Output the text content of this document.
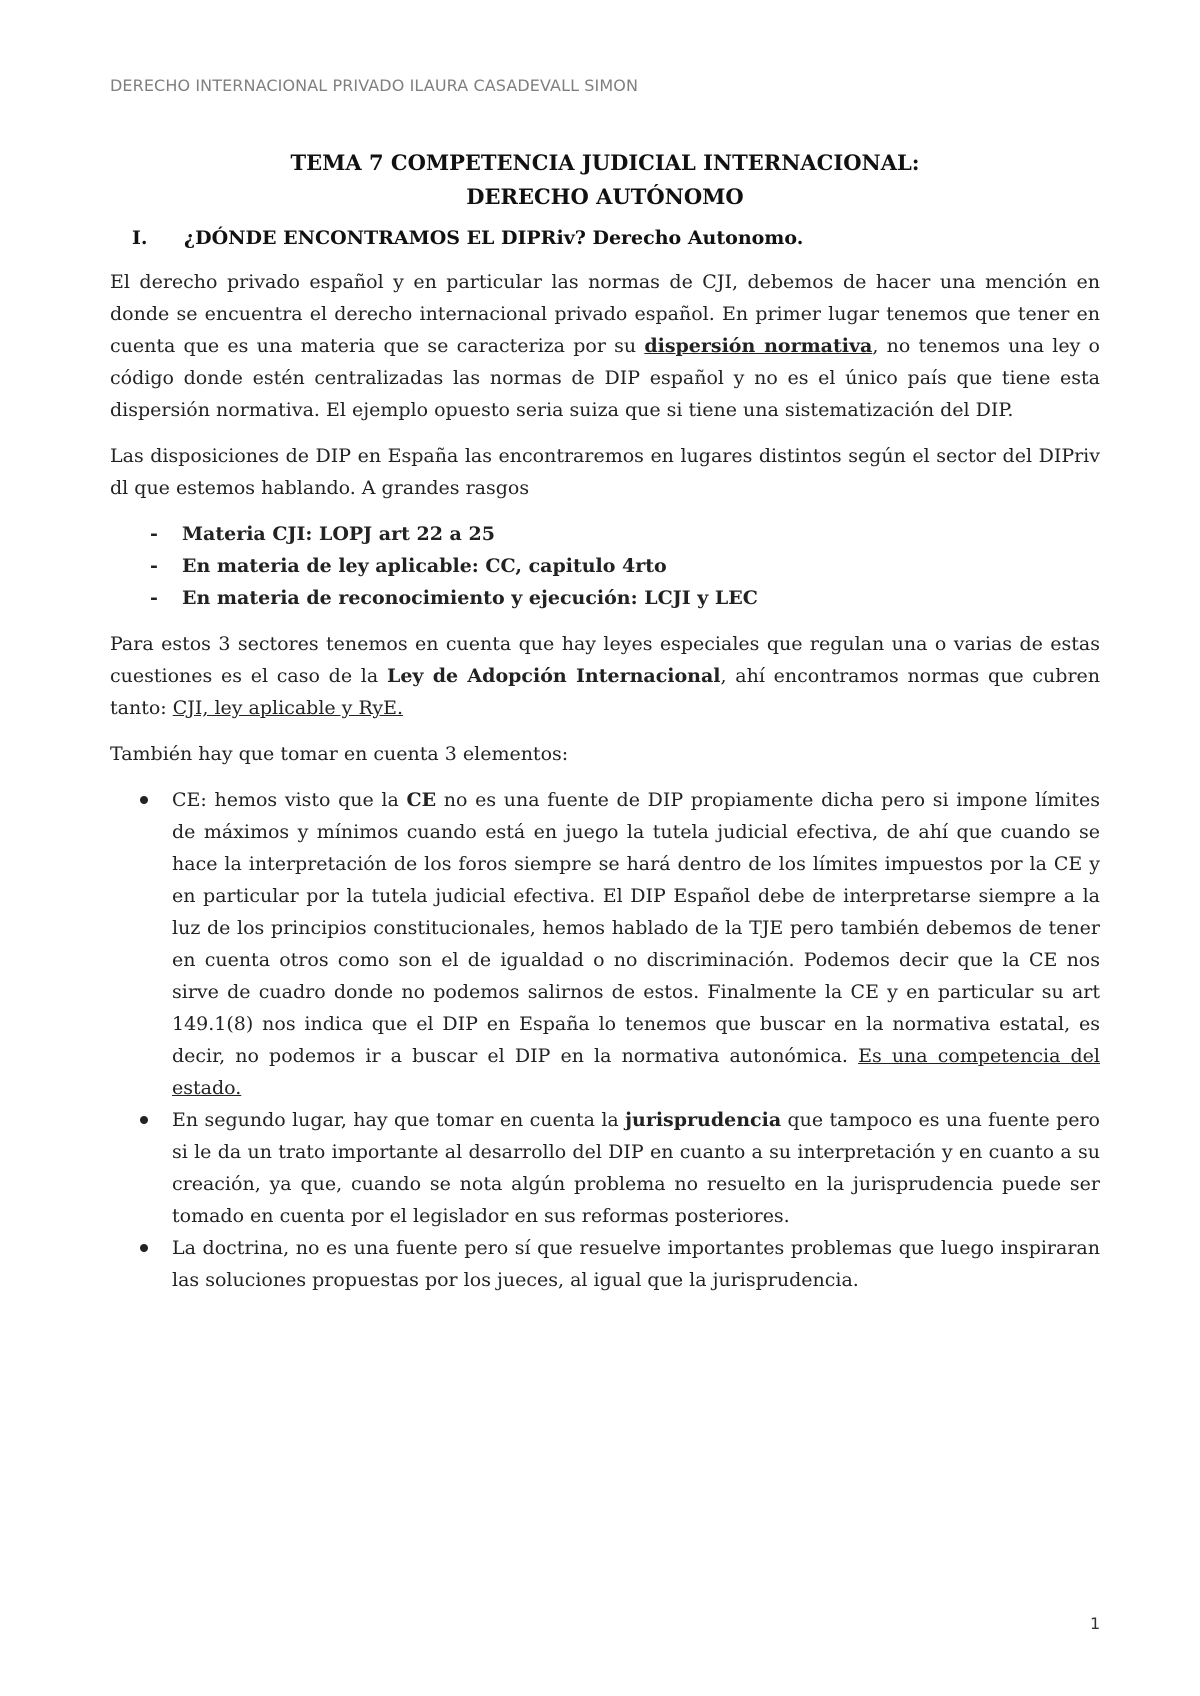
DERECHO INTERNACIONAL PRIVADO ILAURA CASADEVALL SIMON
TEMA 7 COMPETENCIA JUDICIAL INTERNACIONAL:
DERECHO AUTÓNOMO
I.	¿DÓNDE ENCONTRAMOS EL DIPRiv? Derecho Autonomo.

El derecho privado español y en particular las normas de CJI, debemos de hacer una mención en donde se encuentra el derecho internacional privado español. En primer lugar tenemos que tener en cuenta que es una materia que se caracteriza por su dispersión normativa, no tenemos una ley o código donde estén centralizadas las normas de DIP español y no es el único país que tiene esta dispersión normativa. El ejemplo opuesto seria suiza que si tiene una sistematización del DIP.

Las disposiciones de DIP en España las encontraremos en lugares distintos según el sector del DIPriv dl que estemos hablando. A grandes rasgos

-	Materia CJI: LOPJ art 22 a 25
-	En materia de ley aplicable: CC, capitulo 4rto
-	En materia de reconocimiento y ejecución: LCJI y LEC

Para estos 3 sectores tenemos en cuenta que hay leyes especiales que regulan una o varias de estas cuestiones es el caso de la Ley de Adopción Internacional, ahí encontramos normas que cubren tanto: CJI, ley aplicable y RyE.

También hay que tomar en cuenta 3 elementos:

CE: hemos visto que la CE no es una fuente de DIP propiamente dicha pero si impone límites de máximos y mínimos cuando está en juego la tutela judicial efectiva, de ahí que cuando se hace la interpretación de los foros siempre se hará dentro de los límites impuestos por la CE y en particular por la tutela judicial efectiva. El DIP Español debe de interpretarse siempre a la luz de los principios constitucionales, hemos hablado de la TJE pero también debemos de tener en cuenta otros como son el de igualdad o no discriminación. Podemos decir que la CE nos sirve de cuadro donde no podemos salirnos de estos. Finalmente la CE y en particular su art 149.1(8) nos indica que el DIP en España lo tenemos que buscar en la normativa estatal, es decir, no podemos ir a buscar el DIP en la normativa autonómica. Es una competencia del estado.
En segundo lugar, hay que tomar en cuenta la jurisprudencia que tampoco es una fuente pero si le da un trato importante al desarrollo del DIP en cuanto a su interpretación y en cuanto a su creación, ya que, cuando se nota algún problema no resuelto en la jurisprudencia puede ser tomado en cuenta por el legislador en sus reformas posteriores.
La doctrina, no es una fuente pero sí que resuelve importantes problemas que luego inspiraran las soluciones propuestas por los jueces, al igual que la jurisprudencia.
1
